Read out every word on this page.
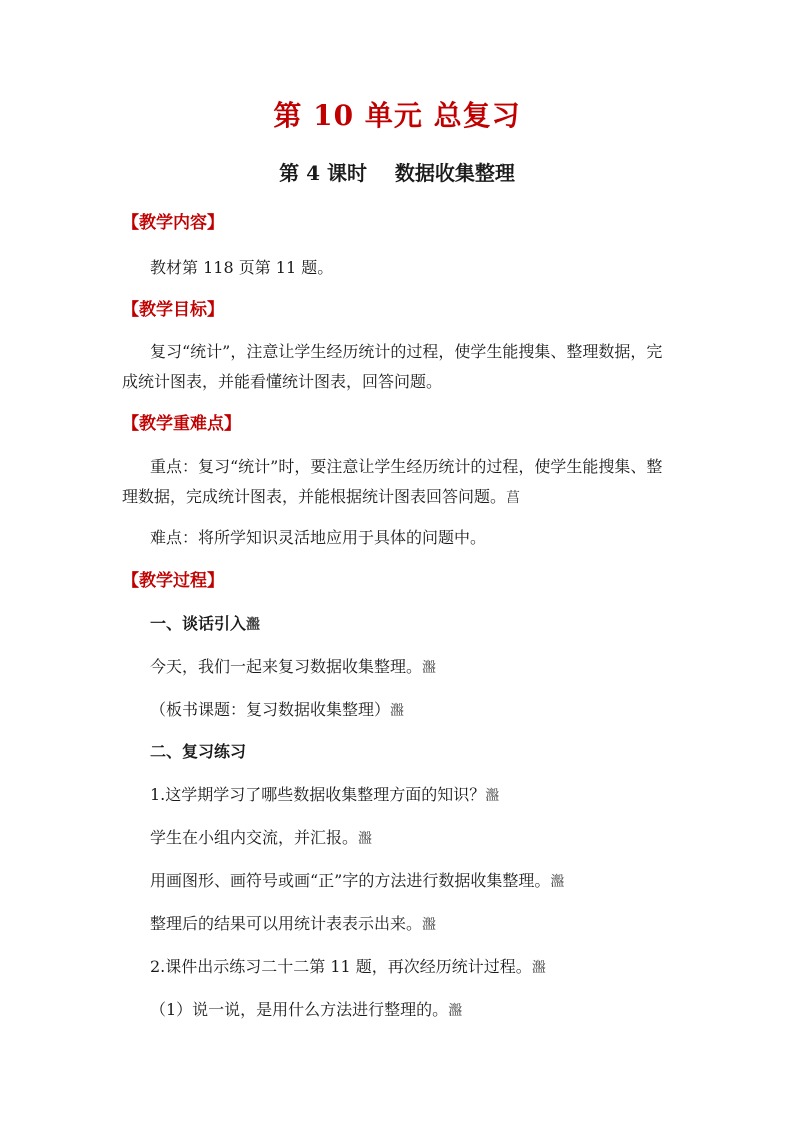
第 10 单元 总复习
第 4 课时    数据收集整理
【教学内容】
教材第 118 页第 11 题。
【教学目标】
复习“统计”，注意让学生经历统计的过程，使学生能搜集、整理数据，完
成统计图表，并能看懂统计图表，回答问题。
【教学重难点】
重点：复习“统计”时，要注意让学生经历统计的过程，使学生能搜集、整
理数据，完成统计图表，并能根据统计图表回答问题。菖
难点：将所学知识灵活地应用于具体的问题中。
【教学过程】
一、谈话引入瀊
今天，我们一起来复习数据收集整理。瀊
（板书课题：复习数据收集整理）瀊
二、复习练习
1.这学期学习了哪些数据收集整理方面的知识？瀊
学生在小组内交流，并汇报。瀊
用画图形、画符号或画“正”字的方法进行数据收集整理。瀊
整理后的结果可以用统计表表示出来。瀊
2.课件出示练习二十二第 11 题，再次经历统计过程。瀊
（1）说一说，是用什么方法进行整理的。瀊
